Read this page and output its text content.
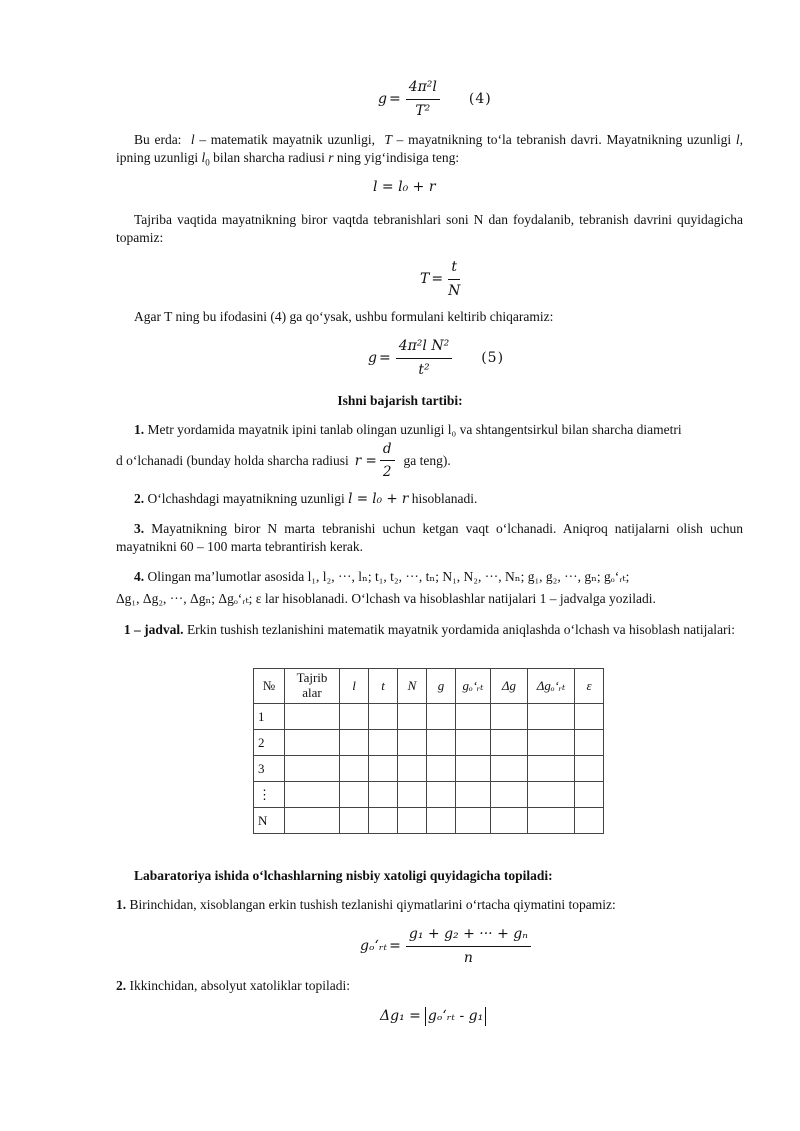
$g = \frac{\text{4π²l}}{\text{T²}} (4)$
Bu erda: l – matematik mayatnik uzunligi, T – mayatnikning toʻla tebranish davri. Mayatnikning uzunligi l, ipning uzunligi $l_0$ bilan sharcha radiusi r ning yigʻindisiga teng:
l = l₀ + r
Tajriba vaqtida mayatnikning biror vaqtda tebranishlari soni N dan foydalanib, tebranish davrini quyidagicha topamiz:
$T = \frac{t}{N}$
Agar T ning bu ifodasini (4) ga qoʻysak, ushbu formulani keltirib chiqaramiz:
$g = \frac{\text{4π²l N²}}{\text{t²}} (5)$
Ishni bajarish tartibi:
1. Metr yordamida mayatnik ipini tanlab olingan uzunligi l₀ va shtangentsirkul bilan sharcha diametri
d oʻlchanadi (bunday holda sharcha radiusi $r = \frac{d}{2}$ ga teng).
2. Oʻlchashdagi mayatnikning uzunligi l = l₀ + r hisoblanadi.
3. Mayatnikning biror N marta tebranishi uchun ketgan vaqt oʻlchanadi. Aniqroq natijalarni olish uchun mayatnikni 60 – 100 marta tebrantirish kerak.
4. Olingan maʼlumotlar asosida l₁, l₂, ···, lₙ; t₁, t₂, ···, tₙ; N₁, N₂, ···, Nₙ; g₁, g₂, ···, gₙ; gₒʻᵣₜ;
Δg₁, Δg₂, ···, Δgₙ; Δgₒʻᵣₜ; ε lar hisoblanadi. Oʻlchash va hisoblashlar natijalari 1 – jadvalga yoziladi.
1 – jadval. Erkin tushish tezlanishini matematik mayatnik yordamida aniqlashda oʻlchash va hisoblash natijalari:
№	Tajrib alar	l	t	N	g	gₒʻᵣₜ	Δg	Δgₒʻᵣₜ	ε
1									
2									
3									
⋮									
N									
Labaratoriya ishida oʻlchashlarning nisbiy xatoligi quyidagicha topiladi:
1. Birinchidan, xisoblangan erkin tushish tezlanishi qiymatlarini oʻrtacha qiymatini topamiz:
gₒʻᵣₜ = $\frac{\text{g₁ + g₂ + ··· + gₙ}}{n}$
2. Ikkinchidan, absolyut xatoliklar topiladi:
Δg₁ = gₒʻᵣₜ - g₁
